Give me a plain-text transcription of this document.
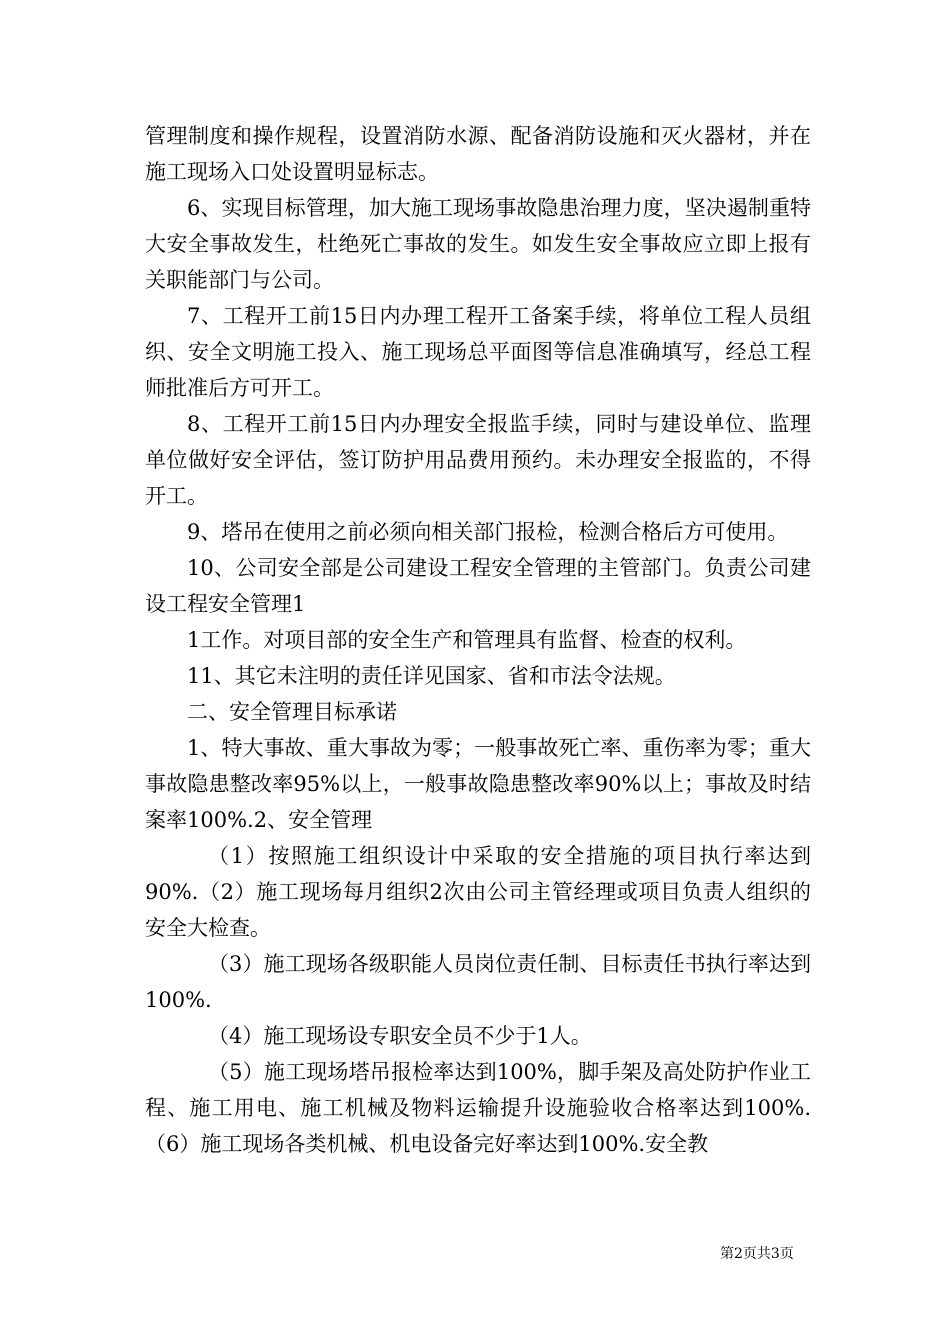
管理制度和操作规程，设置消防水源、配备消防设施和灭火器材，并在施工现场入口处设置明显标志。

6、实现目标管理，加大施工现场事故隐患治理力度，坚决遏制重特大安全事故发生，杜绝死亡事故的发生。如发生安全事故应立即上报有关职能部门与公司。

7、工程开工前15日内办理工程开工备案手续，将单位工程人员组织、安全文明施工投入、施工现场总平面图等信息准确填写，经总工程师批准后方可开工。

8、工程开工前15日内办理安全报监手续，同时与建设单位、监理单位做好安全评估，签订防护用品费用预约。未办理安全报监的，不得开工。

9、塔吊在使用之前必须向相关部门报检，检测合格后方可使用。

10、公司安全部是公司建设工程安全管理的主管部门。负责公司建设工程安全管理1

1工作。对项目部的安全生产和管理具有监督、检查的权利。

11、其它未注明的责任详见国家、省和市法令法规。

二、安全管理目标承诺

1、特大事故、重大事故为零；一般事故死亡率、重伤率为零；重大事故隐患整改率95%以上，一般事故隐患整改率90%以上；事故及时结案率100%.2、安全管理

（1）按照施工组织设计中采取的安全措施的项目执行率达到90%.（2）施工现场每月组织2次由公司主管经理或项目负责人组织的安全大检查。

（3）施工现场各级职能人员岗位责任制、目标责任书执行率达到100%.

（4）施工现场设专职安全员不少于1人。

（5）施工现场塔吊报检率达到100%，脚手架及高处防护作业工程、施工用电、施工机械及物料运输提升设施验收合格率达到100%.（6）施工现场各类机械、机电设备完好率达到100%.安全教

第2页共3页
